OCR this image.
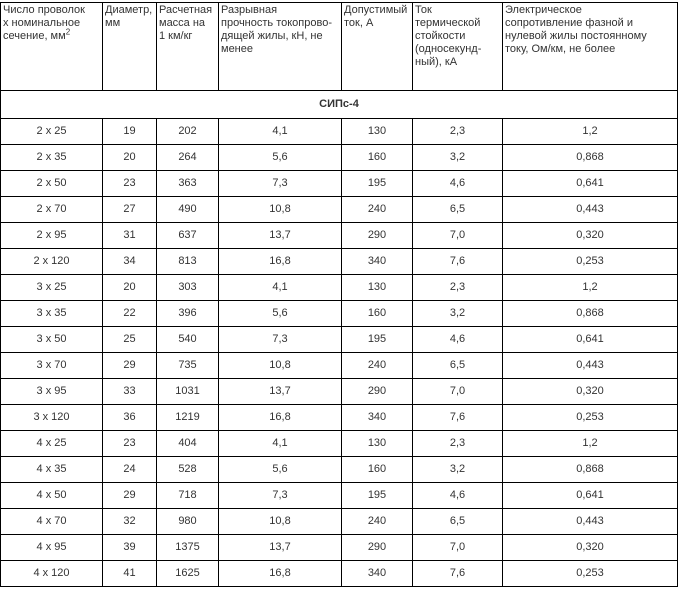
Число проволок
х номинальное
сечение, $мм^2$	Диаметр,
мм	Расчетная
масса на
1 км/кг	Разрывная
прочность токопрово-
дящей жилы, кН, не
менее	Допустимый
ток, А	Ток
термической
стойкости
(односекунд-
ный), кА	Электрическое
сопротивление фазной и
нулевой жилы постоянному
току, Ом/км, не более
СИПс-4						
2 х 25	19	202	4,1	130	2,3	1,2
2 х 35	20	264	5,6	160	3,2	0,868
2 х 50	23	363	7,3	195	4,6	0,641
2 х 70	27	490	10,8	240	6,5	0,443
2 х 95	31	637	13,7	290	7,0	0,320
2 х 120	34	813	16,8	340	7,6	0,253
3 х 25	20	303	4,1	130	2,3	1,2
3 х 35	22	396	5,6	160	3,2	0,868
3 х 50	25	540	7,3	195	4,6	0,641
3 х 70	29	735	10,8	240	6,5	0,443
3 х 95	33	1031	13,7	290	7,0	0,320
3 х 120	36	1219	16,8	340	7,6	0,253
4 х 25	23	404	4,1	130	2,3	1,2
4 х 35	24	528	5,6	160	3,2	0,868
4 х 50	29	718	7,3	195	4,6	0,641
4 х 70	32	980	10,8	240	6,5	0,443
4 х 95	39	1375	13,7	290	7,0	0,320
4 х 120	41	1625	16,8	340	7,6	0,253
